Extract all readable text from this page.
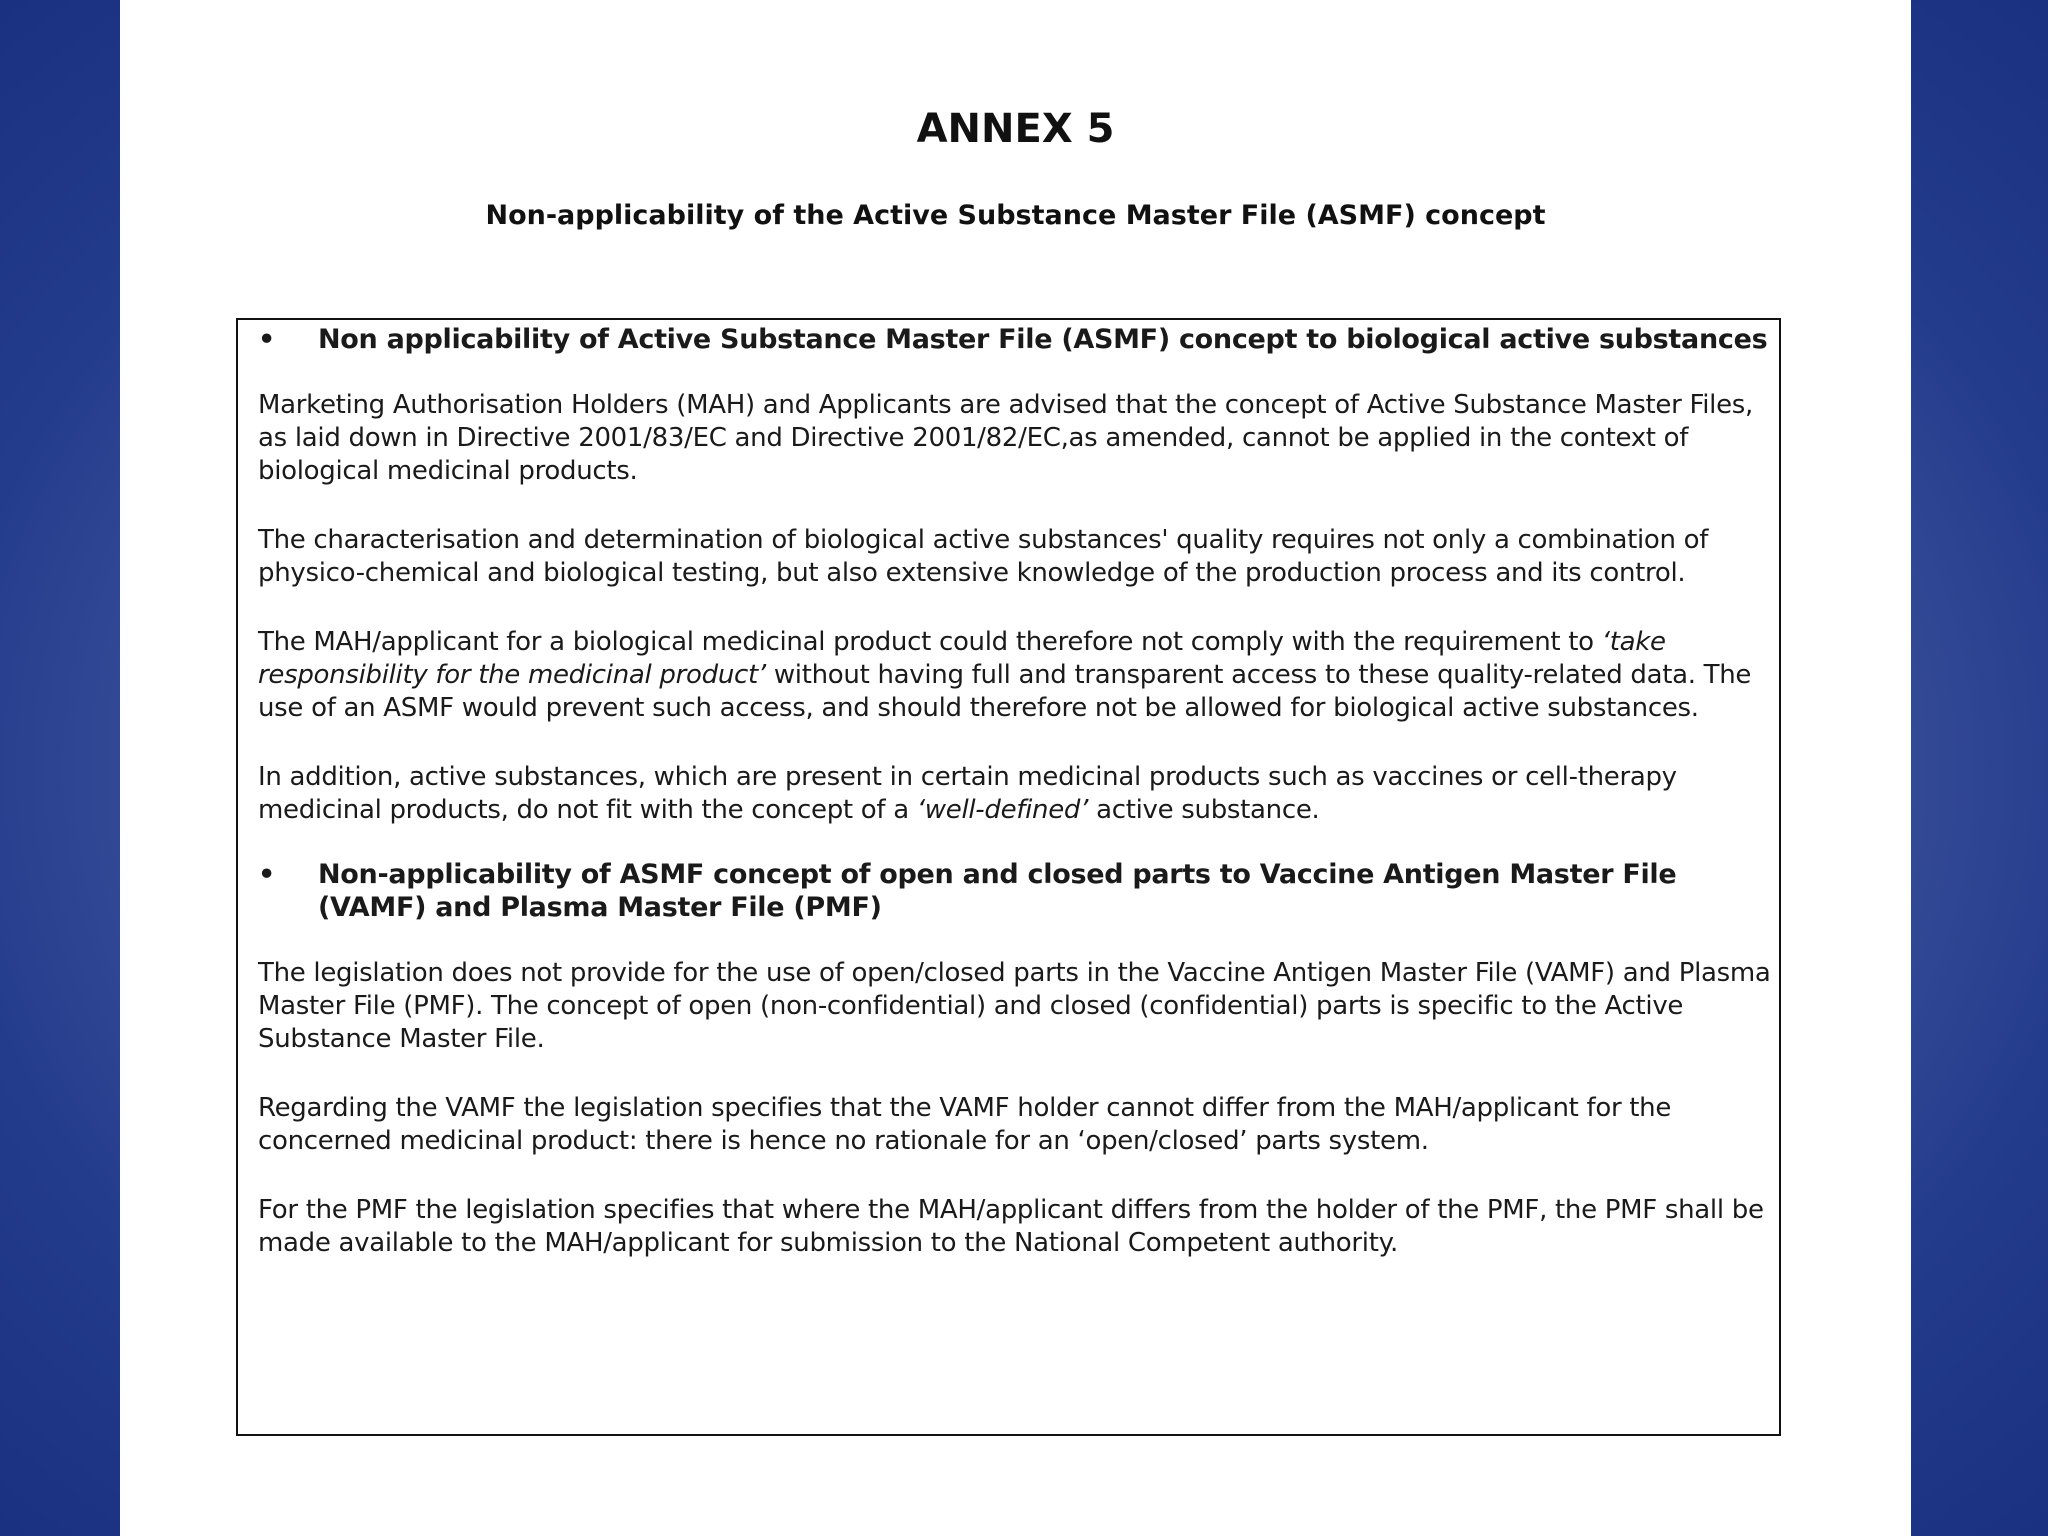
ANNEX 5
Non-applicability of the Active Substance Master File (ASMF) concept
•	Non applicability of Active Substance Master File (ASMF) concept to biological active substances

Marketing Authorisation Holders (MAH) and Applicants are advised that the concept of Active Substance Master Files, as laid down in Directive 2001/83/EC and Directive 2001/82/EC,as amended, cannot be applied in the context of biological medicinal products.

The characterisation and determination of biological active substances' quality requires not only a combination of physico-chemical and biological testing, but also extensive knowledge of the production process and its control.

The MAH/applicant for a biological medicinal product could therefore not comply with the requirement to ‘take responsibility for the medicinal product’ without having full and transparent access to these quality-related data. The use of an ASMF would prevent such access, and should therefore not be allowed for biological active substances.

In addition, active substances, which are present in certain medicinal products such as vaccines or cell-therapy medicinal products, do not fit with the concept of a ‘well-defined’ active substance.

•	Non-applicability of ASMF concept of open and closed parts to Vaccine Antigen Master File (VAMF) and Plasma Master File (PMF)

The legislation does not provide for the use of open/closed parts in the Vaccine Antigen Master File (VAMF) and Plasma Master File (PMF). The concept of open (non-confidential) and closed (confidential) parts is specific to the Active Substance Master File.

Regarding the VAMF the legislation specifies that the VAMF holder cannot differ from the MAH/applicant for the concerned medicinal product: there is hence no rationale for an ‘open/closed’ parts system.

For the PMF the legislation specifies that where the MAH/applicant differs from the holder of the PMF, the PMF shall be made available to the MAH/applicant for submission to the National Competent authority.
